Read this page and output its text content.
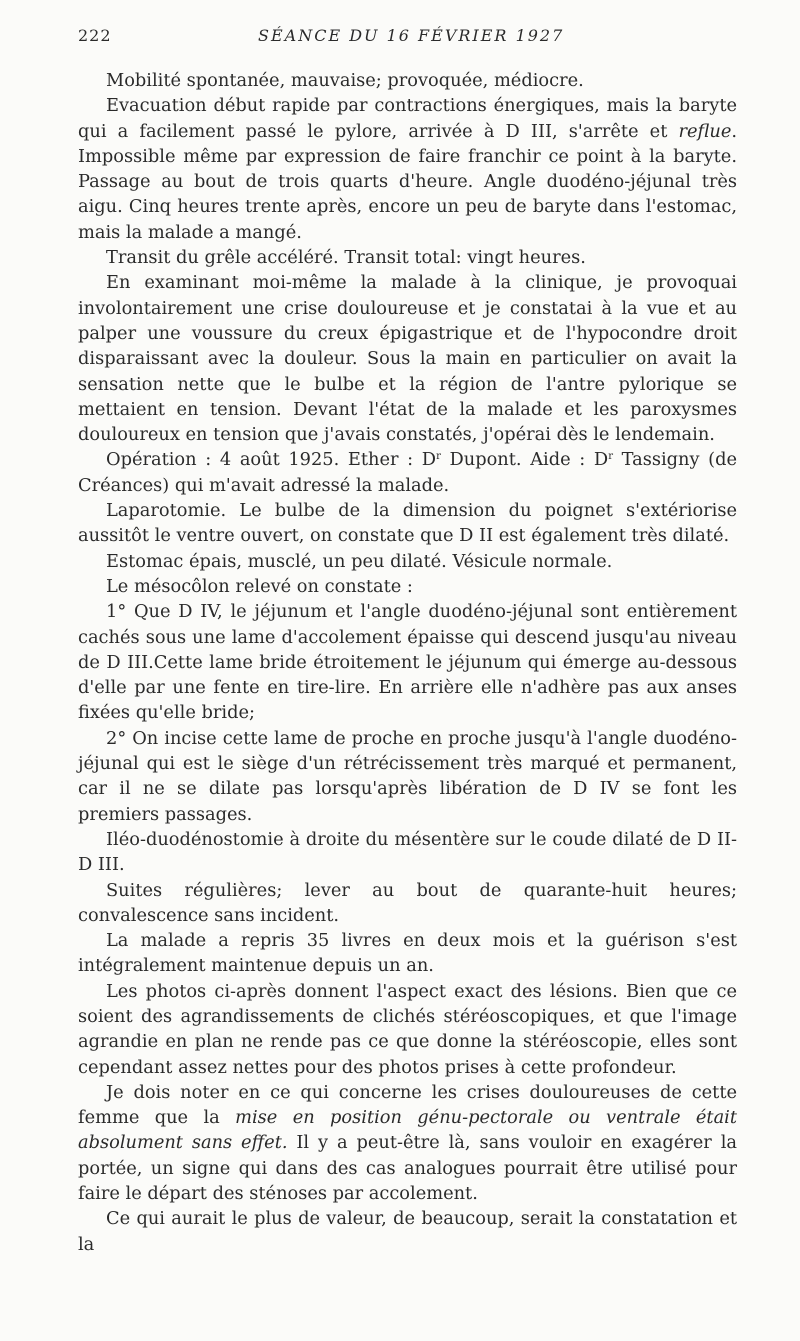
222	SÉANCE DU 16 FÉVRIER 1927

Mobilité spontanée, mauvaise; provoquée, médiocre.

Evacuation début rapide par contractions énergiques, mais la baryte qui a facilement passé le pylore, arrivée à D III, s'arrête et reflue. Impossible même par expression de faire franchir ce point à la baryte. Passage au bout de trois quarts d'heure. Angle duodéno-jéjunal très aigu. Cinq heures trente après, encore un peu de baryte dans l'estomac, mais la malade a mangé.

Transit du grêle accéléré. Transit total: vingt heures.

En examinant moi-même la malade à la clinique, je provoquai involontairement une crise douloureuse et je constatai à la vue et au palper une voussure du creux épigastrique et de l'hypocondre droit disparaissant avec la douleur. Sous la main en particulier on avait la sensation nette que le bulbe et la région de l'antre pylorique se mettaient en tension. Devant l'état de la malade et les paroxysmes douloureux en tension que j'avais constatés, j'opérai dès le lendemain.

Opération : 4 août 1925. Ether : $D^r$ Dupont. Aide : $D^r$ Tassigny (de Créances) qui m'avait adressé la malade.

Laparotomie. Le bulbe de la dimension du poignet s'extériorise aussitôt le ventre ouvert, on constate que D II est également très dilaté.

Estomac épais, musclé, un peu dilaté. Vésicule normale.

Le mésocôlon relevé on constate :

1° Que D IV, le jéjunum et l'angle duodéno-jéjunal sont entièrement cachés sous une lame d'accolement épaisse qui descend jusqu'au niveau de D III.Cette lame bride étroitement le jéjunum qui émerge au-dessous d'elle par une fente en tire-lire. En arrière elle n'adhère pas aux anses fixées qu'elle bride;

2° On incise cette lame de proche en proche jusqu'à l'angle duodéno-jéjunal qui est le siège d'un rétrécissement très marqué et permanent, car il ne se dilate pas lorsqu'après libération de D IV se font les premiers passages.

Iléo-duodénostomie à droite du mésentère sur le coude dilaté de D II-D III.

Suites régulières; lever au bout de quarante-huit heures; convalescence sans incident.

La malade a repris 35 livres en deux mois et la guérison s'est intégralement maintenue depuis un an.

Les photos ci-après donnent l'aspect exact des lésions. Bien que ce soient des agrandissements de clichés stéréoscopiques, et que l'image agrandie en plan ne rende pas ce que donne la stéréoscopie, elles sont cependant assez nettes pour des photos prises à cette profondeur.

Je dois noter en ce qui concerne les crises douloureuses de cette femme que la mise en position génu-pectorale ou ventrale était absolument sans effet. Il y a peut-être là, sans vouloir en exagérer la portée, un signe qui dans des cas analogues pourrait être utilisé pour faire le départ des sténoses par accolement.

Ce qui aurait le plus de valeur, de beaucoup, serait la constatation et la
